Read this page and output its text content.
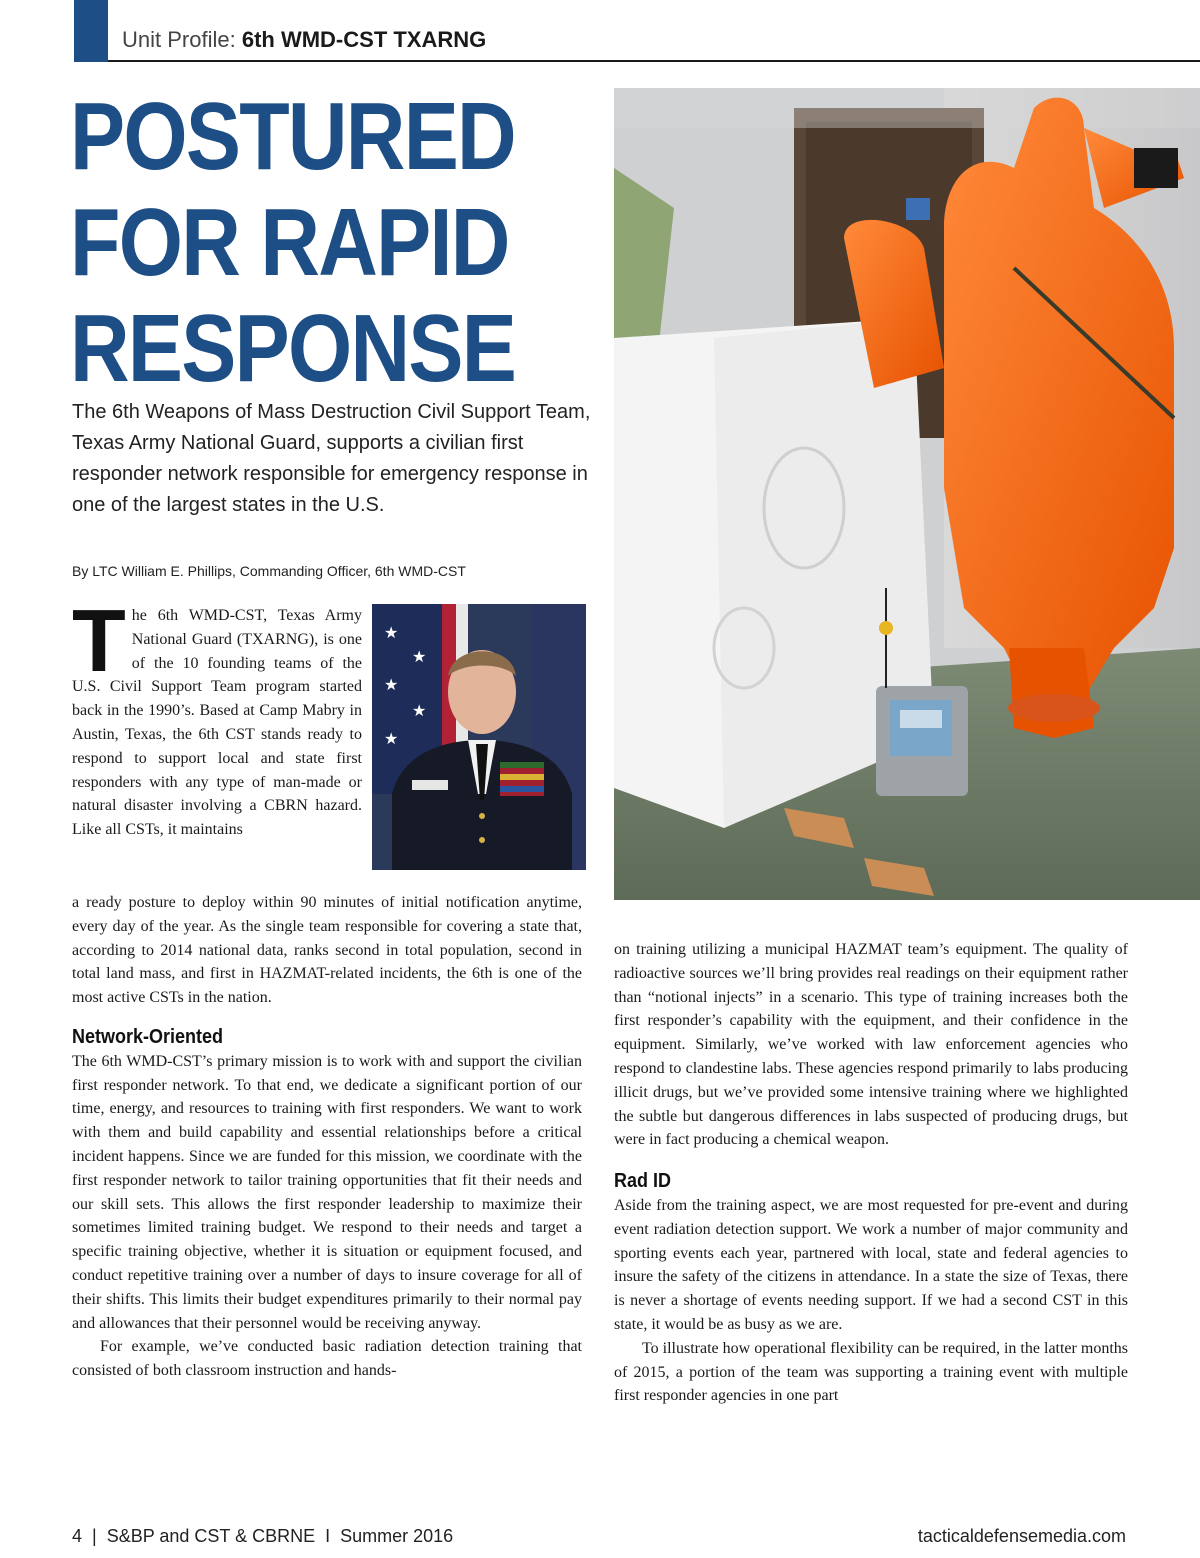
Unit Profile: 6th WMD-CST TXARNG
POSTURED
FOR RAPID
RESPONSE
The 6th Weapons of Mass Destruction Civil Support Team, Texas Army National Guard, supports a civilian first responder network responsible for emergency response in one of the largest states in the U.S.
By LTC William E. Phillips, Commanding Officer, 6th WMD-CST
★
★
★
★
★
T he 6th WMD-CST, Texas Army National Guard (TXARNG), is one of the 10 founding teams of the U.S. Civil Support Team program started back in the 1990’s. Based at Camp Mabry in Austin, Texas, the 6th CST stands ready to respond to support local and state first responders with any type of man-made or natural disaster involving a CBRN hazard. Like all CSTs, it maintains

a ready posture to deploy within 90 minutes of initial notification anytime, every day of the year. As the single team responsible for covering a state that, according to 2014 national data, ranks second in total population, second in total land mass, and first in HAZMAT-related incidents, the 6th is one of the most active CSTs in the nation.

Network-Oriented

The 6th WMD-CST’s primary mission is to work with and support the civilian first responder network. To that end, we dedicate a significant portion of our time, energy, and resources to training with first responders. We want to work with them and build capability and essential relationships before a critical incident happens. Since we are funded for this mission, we coordinate with the first responder network to tailor training opportunities that fit their needs and our skill sets. This allows the first responder leadership to maximize their sometimes limited training budget. We respond to their needs and target a specific training objective, whether it is situation or equipment focused, and conduct repetitive training over a number of days to insure coverage for all of their shifts. This limits their budget expenditures primarily to their normal pay and allowances that their personnel would be receiving anyway.

For example, we’ve conducted basic radiation detection training that consisted of both classroom instruction and hands-

on training utilizing a municipal HAZMAT team’s equipment. The quality of radioactive sources we’ll bring provides real readings on their equipment rather than “notional injects” in a scenario. This type of training increases both the first responder’s capability with the equipment, and their confidence in the equipment. Similarly, we’ve worked with law enforcement agencies who respond to clandestine labs. These agencies respond primarily to labs producing illicit drugs, but we’ve provided some intensive training where we highlighted the subtle but dangerous differences in labs suspected of producing drugs, but were in fact producing a chemical weapon.

Rad ID

Aside from the training aspect, we are most requested for pre-event and during event radiation detection support. We work a number of major community and sporting events each year, partnered with local, state and federal agencies to insure the safety of the citizens in attendance. In a state the size of Texas, there is never a shortage of events needing support. If we had a second CST in this state, it would be as busy as we are.

To illustrate how operational flexibility can be required, in the latter months of 2015, a portion of the team was supporting a training event with multiple first responder agencies in one part

4  |  S&BP and CST & CBRNE  I  Summer 2016	tacticaldefensemedia.com
